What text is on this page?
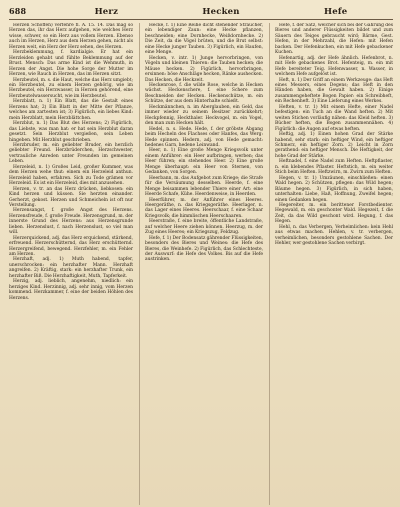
688	Herz	Hecken	Hefe

Herzen Schöffen) verfehre fl. A. 15. 14. Das mag so Herzen das, ihr das Herz aufgehen, wie welches Herz wisse, schwer, so ein Herz aus vollem Herzen. Ebenso auch im Herzen, Herz aus dem Herzen gehen, nicht als Herzen weit, ein Herz der Herz sehen, des Herzen.

Herzbeklemmung, f. kardialgie. Er hat ein Herzleiden gehabt und fühlte Beklemmung auf der Brust. Mensch: Das arme Kind ist die Wehmuth, in Herzen der Angst. Die hohe Sorge der Mutter im Herzen, wie Rauch in Herzen, das im Herzen sitzt.

Herzbeutel, m. s. die Haut, welche das Herz umgiebt; ein Herzbeutel, zu einem Herzen gehörig, wie im Herzbeutel, ein Herzwasser, in Herzen gehörend, eine Herzbeutelwassersucht, wie im Herzbeutel.

Herzblatt, n. 1) Ein Blatt, das die Gestalt eines Herzens hat; 2) Ein Blatt in der Mitte der Pflanze, welches am zartesten ist; 3) Figürlich, ein liebes Kind: mein Herzblatt, mein Herzblättchen.

Herzblut, n. 1) Das Blut des Herzens; 2) Figürlich, das Liebste, was man hat: er hat sein Herzblut daran gesetzt. Sein Herzblut vergießen, sein Leben hingeben. Mit Herzblut geschrieben.

Herzbruder, m. ein geliebter Bruder, ein herzlich geliebter Freund. Herzbrüderchen, Herzschwester, vertrauliche Anreden unter Freunden im gemeinen Leben.

Herzeleid, n. 1) Großes Leid, großer Kummer, was dem Herzen wehe thut: einem ein Herzeleid anthun. Herzeleid haben, erfahren. Sich zu Tode grämen vor Herzeleid. Es ist ein Herzeleid, dies mit anzusehen.

Herzen, v. tr. an das Herz drücken, liebkosen: ein Kind herzen und küssen. Sie herzten einander. Gerherzt, gekost. Herzen und Schmeicheln ist oft nur Verstellung.

Herzensangst, f. große Angst des Herzens. Herzensfreude, f. große Freude. Herzensgrund, m. der innerste Grund des Herzens: aus Herzensgrunde lieben. Herzenslust, f. nach Herzenslust, so viel man will.

Herzerquickend, adj. das Herz erquickend, stärkend, erfreuend. Herzerschütternd, das Herz erschütternd. Herzergreifend, bewegend. Herzfehler, m. ein Fehler am Herzen.

Herzhaft, adj. 1) Muth habend, tapfer, unerschrocken: ein herzhafter Mann. Herzhaft angreifen. 2) Kräftig, stark: ein herzhafter Trunk, ein herzhafter Biß. Die Herzhaftigkeit, Muth, Tapferkeit.

Herzig, adj. lieblich, angenehm, niedlich: ein herziges Kind. Herzinnig, adj. sehr innig, vom Herzen kommend. Herzkammer, f. eine der beiden Höhlen des Herzens.

Hecke, f. 1) Eine Reihe dicht stehender Sträucher, ein lebendiger Zaun: eine Hecke pflanzen, beschneiden; eine Dornhecke, Weißdornhecke. 2) Die Zeit, da die Vögel brüten, und die Brut selbst: eine Hecke junger Tauben. 3) Figürlich, ein Haufen, eine Menge.

Hecken, v. intr. 1) Junge hervorbringen, von Vögeln und kleinen Thieren: die Tauben hecken; die Mäuse hecken. 2) Figürlich, hervorbringen, ersinnen: böse Anschläge hecken, Ränke aushecken. Das Hecken, die Heckzeit.

Heckenrose, f. die wilde Rose, welche in Hecken wächst. Heckenschere, f. eine Schere zum Beschneiden der Hecken. Heckenschütze, m. ein Schütze, der aus dem Hinterhalte schießt.

Heckmännchen, n. im Aberglauben, ein Geld, das immer wieder zu seinem Besitzer zurückkehrt; Heckpfennig, Heckthaler. Heckvogel, m. ein Vogel, den man zum Hecken hält.

Hedel, n. s. Hede. Hede, f. der gröbste Abgang beim Hecheln des Flachses oder Hanfes, das Werg: Hede spinnen. Hedern, adj. von Hede gemacht: hedenes Garn, hedene Leinwand.

Heer, n. 1) Eine große Menge Kriegsvolk unter einem Anführer: ein Heer aufbringen, werben; das Heer führen; ein stehendes Heer. 2) Eine große Menge überhaupt: ein Heer von Sternen, von Gedanken, von Sorgen.

Heerbann, m. das Aufgebot zum Kriege; die Strafe für die Versäumung desselben. Heerde, f. eine Menge beisammen lebender Thiere einer Art: eine Heerde Schafe, Kühe. Heerdenweise, in Heerden.

Heerführer, m. der Anführer eines Heeres. Heergeräthe, n. das Kriegsgeräthe. Heerlager, n. das Lager eines Heeres. Heerschaar, f. eine Schaar Kriegsvolk; die himmlischen Heerschaaren.

Heerstraße, f. eine breite, öffentliche Landstraße, auf welcher Heere ziehen können. Heerzug, m. der Zug eines Heeres; ein Kriegszug, Feldzug.

Hefe, f. 1) Der Bodensatz gährender Flüssigkeiten, besonders des Bieres und Weines: die Hefe des Bieres, die Weinhefe. 2) Figürlich, das Schlechteste, der Auswurf: die Hefe des Volkes. Bis auf die Hefe austrinken.

Hefe, f. der Satz, welcher sich bei der Gährung des Bieres und anderer Flüssigkeiten bildet und zum Säuern des Teiges gebraucht wird; Bärme, Gest. Hefen, in der Mehrzahl, die Hefen: mit Hefen backen. Der Hefenkuchen, ein mit Hefe gebackener Kuchen.

Hefenartig, adj. der Hefe ähnlich. Hefenbrot, n. mit Hefe gebackenes Brot. Hefenteig, m. ein mit Hefe bereiteter Teig. Hefenwasser, n. Wasser, in welchem Hefe aufgelöst ist.

Heft, n. 1) Der Griff an einem Werkzeuge: das Heft eines Messers, eines Degens; das Heft in den Händen haben, die Gewalt haben. 2) Einige zusammengeheftete Bogen Papier: ein Schreibheft, ein Rechenheft. 3) Eine Lieferung eines Werkes.

Heften, v. tr. 1) Mit einem Hefte, einer Nadel befestigen: ein Tuch an die Wand heften. 2) Mit weiten Stichen vorläufig nähen: das Kleid heften. 3) Bücher heften, die Bogen zusammennähen. 4) Figürlich: die Augen auf etwas heften.

Heftig, adj. 1) Einen hohen Grad der Stärke habend, sehr stark: ein heftiger Wind, ein heftiger Schmerz, ein heftiger Zorn. 2) Leicht in Zorn gerathend: ein heftiger Mensch. Die Heftigkeit, der hohe Grad der Stärke.

Heftnadel, f. eine Nadel zum Heften. Heftpflaster, n. ein klebendes Pflaster. Heftstich, m. ein weiter Stich beim Heften. Heftzwirn, m. Zwirn zum Heften.

Hegen, v. tr. 1) Umzäunen, einschließen: einen Wald hegen. 2) Schützen, pflegen: das Wild hegen; Bäume hegen. 3) Figürlich, in sich haben, unterhalten: Liebe, Haß, Hoffnung, Zweifel hegen; einen Gedanken hegen.

Hegereiter, m. ein berittener Forstbedienter. Hegewald, m. ein geschonter Wald. Hegezeit, f. die Zeit, da das Wild geschont wird. Hegung, f. das Hegen.

Hehl, n. das Verbergen, Verheimlichen: kein Hehl aus etwas machen. Hehlen, v. tr. verbergen, verheimlichen, besonders gestohlene Sachen. Der Hehler, wer gestohlene Sachen verbirgt.
